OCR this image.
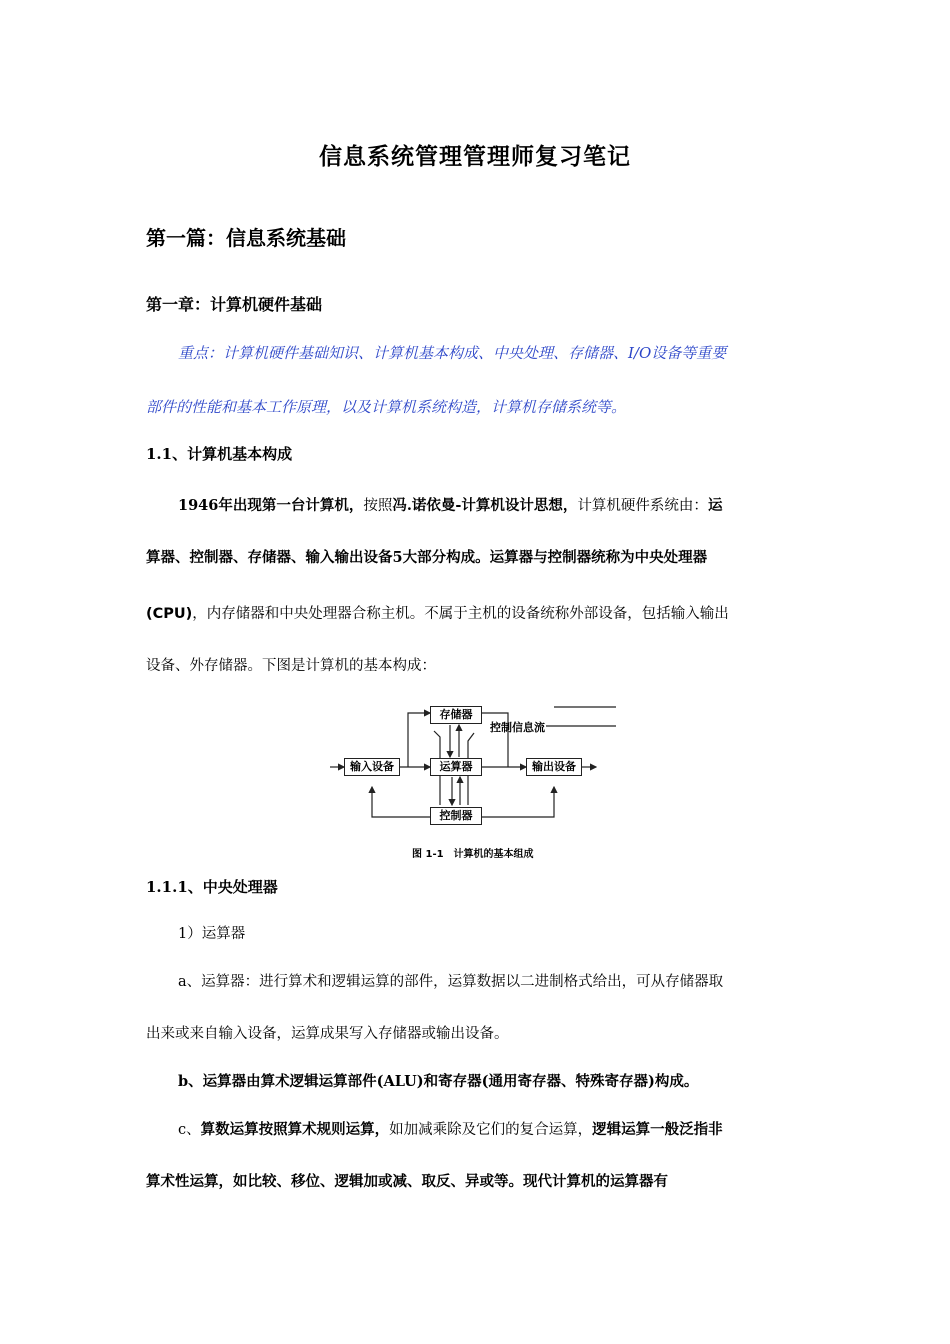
信息系统管理管理师复习笔记
第一篇：信息系统基础
第一章：计算机硬件基础
重点：计算机硬件基础知识、计算机基本构成、中央处理、存储器、I/O设备等重要
部件的性能和基本工作原理，以及计算机系统构造，计算机存储系统等。
1.1、计算机基本构成
1946年出现第一台计算机，按照冯.诺依曼-计算机设计思想，计算机硬件系统由：运
算器、控制器、存储器、输入输出设备5大部分构成。运算器与控制器统称为中央处理器
(CPU)，内存储器和中央处理器合称主机。不属于主机的设备统称外部设备，包括输入输出
设备、外存储器。下图是计算机的基本构成：
存储器
控制信息流
输入设备	运算器	输出设备
控制器
图 1-1　计算机的基本组成
1.1.1、中央处理器
1）运算器
a、运算器：进行算术和逻辑运算的部件，运算数据以二进制格式给出，可从存储器取
出来或来自输入设备，运算成果写入存储器或输出设备。
b、运算器由算术逻辑运算部件(ALU)和寄存器(通用寄存器、特殊寄存器)构成。
c、算数运算按照算术规则运算，如加减乘除及它们的复合运算，逻辑运算一般泛指非
算术性运算，如比较、移位、逻辑加或减、取反、异或等。现代计算机的运算器有
